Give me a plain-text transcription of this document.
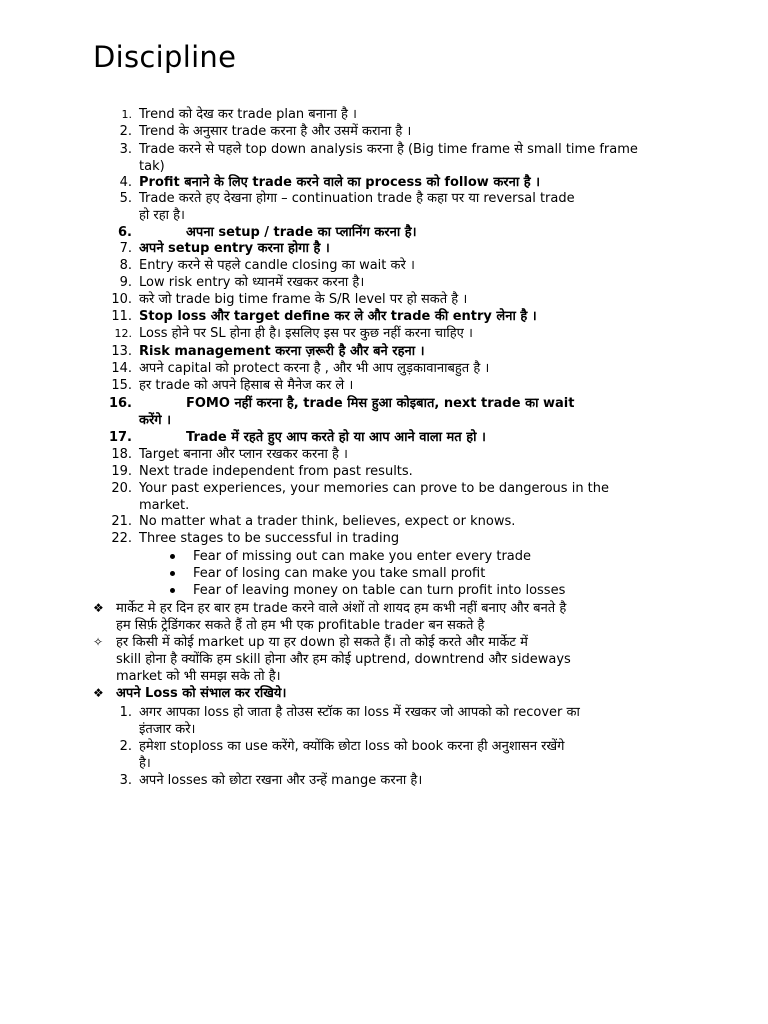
Discipline
1. Trend को देख कर trade plan बनाना है ।
2. Trend के अनुसार trade करना है और उसमें कराना है ।
3. Trade करने से पहले top down analysis करना है (Big time frame से small time frame
tak)
4. Profit बनाने के लिए trade करने वाले का process को follow करना है ।
5. Trade करते हए देखना होगा – continuation trade है कहा पर या reversal trade
हो रहा है।
6.	अपना setup / trade का प्लानिंग करना है।
7. अपने setup entry करना होगा है ।
8. Entry करने से पहले candle closing का wait करे ।
9. Low risk entry को ध्यानमें रखकर करना है।
10. करे जो trade big time frame के S/R level पर हो सकते है ।
11. Stop loss और target define कर ले और trade की entry लेना है ।
12. Loss होने पर SL होना ही है। इसलिए इस पर कुछ नहीं करना चाहिए ।
13. Risk management करना ज़रूरी है और बने रहना ।
14. अपने capital को protect करना है , और भी आप लुड़कावानाबहुत है ।
15. हर trade को अपने हिसाब से मैनेज कर ले ।
16.	FOMO नहीं करना है, trade मिस हुआ कोइबात, next trade का wait
करेंगे ।
17.	Trade में रहते हुए आप करते हो या आप आने वाला मत हो ।
18. Target बनाना और प्लान रखकर करना है ।
19. Next trade independent from past results.
20. Your past experiences, your memories can prove to be dangerous in the
market.
21. No matter what a trader think, believes, expect or knows.
22. Three stages to be successful in trading
Fear of missing out can make you enter every trade
Fear of losing can make you take small profit
Fear of leaving money on table can turn profit into losses
❖ मार्केट मे हर दिन हर बार हम trade करने वाले अंशों तो शायद हम कभी नहीं बनाए और बनते है
हम सिर्फ़ ट्रेडिंगकर सकते हैं तो हम भी एक profitable trader बन सकते है
✧ हर किसी में कोई market up या हर down हो सकते हैं। तो कोई करते और मार्केट में
skill होना है क्योंकि हम skill होना और हम कोई uptrend, downtrend और sideways
market को भी समझ सके तो है।
❖ अपने Loss को संभाल कर रखिये।
1. अगर आपका loss हो जाता है तोउस स्टॉक का loss में रखकर जो आपको को recover का
इंतजार करे।
2. हमेशा stoploss का use करेंगे, क्योंकि छोटा loss को book करना ही अनुशासन रखेंगे
है।
3. अपने losses को छोटा रखना और उन्हें mange करना है।
